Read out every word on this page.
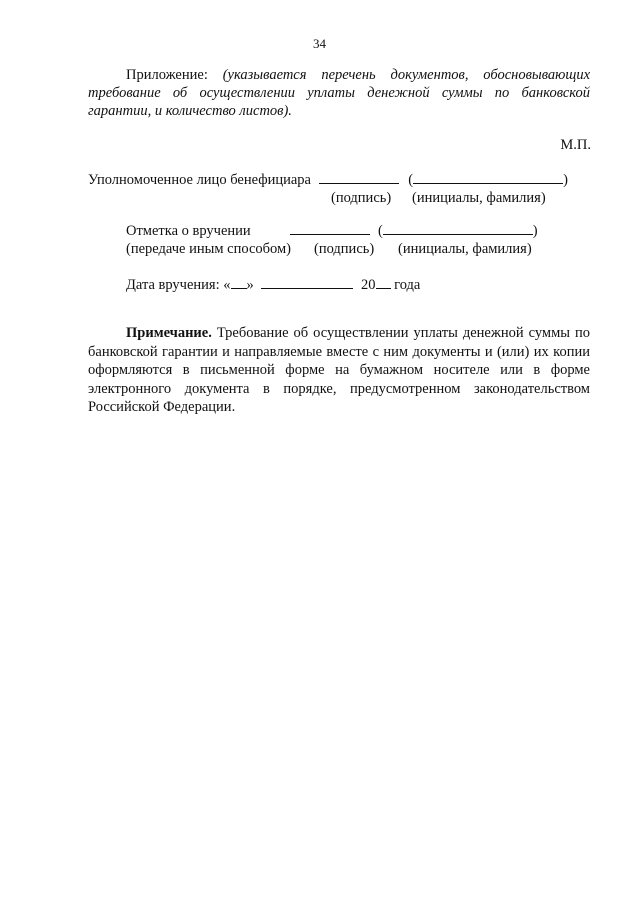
34
Приложение: (указывается перечень документов, обосновывающих требование об осуществлении уплаты денежной суммы по банковской гарантии, и количество листов).
М.П.
Уполномоченное лицо бенефициара	(	)
(подпись) (инициалы, фамилия)
Отметка о вручении	(	)
(передаче иным способом) (подпись) (инициалы, фамилия)
Дата вручения: « »	20 года
Примечание. Требование об осуществлении уплаты денежной суммы по банковской гарантии и направляемые вместе с ним документы и (или) их копии оформляются в письменной форме на бумажном носителе или в форме электронного документа в порядке, предусмотренном законодательством Российской Федерации.
